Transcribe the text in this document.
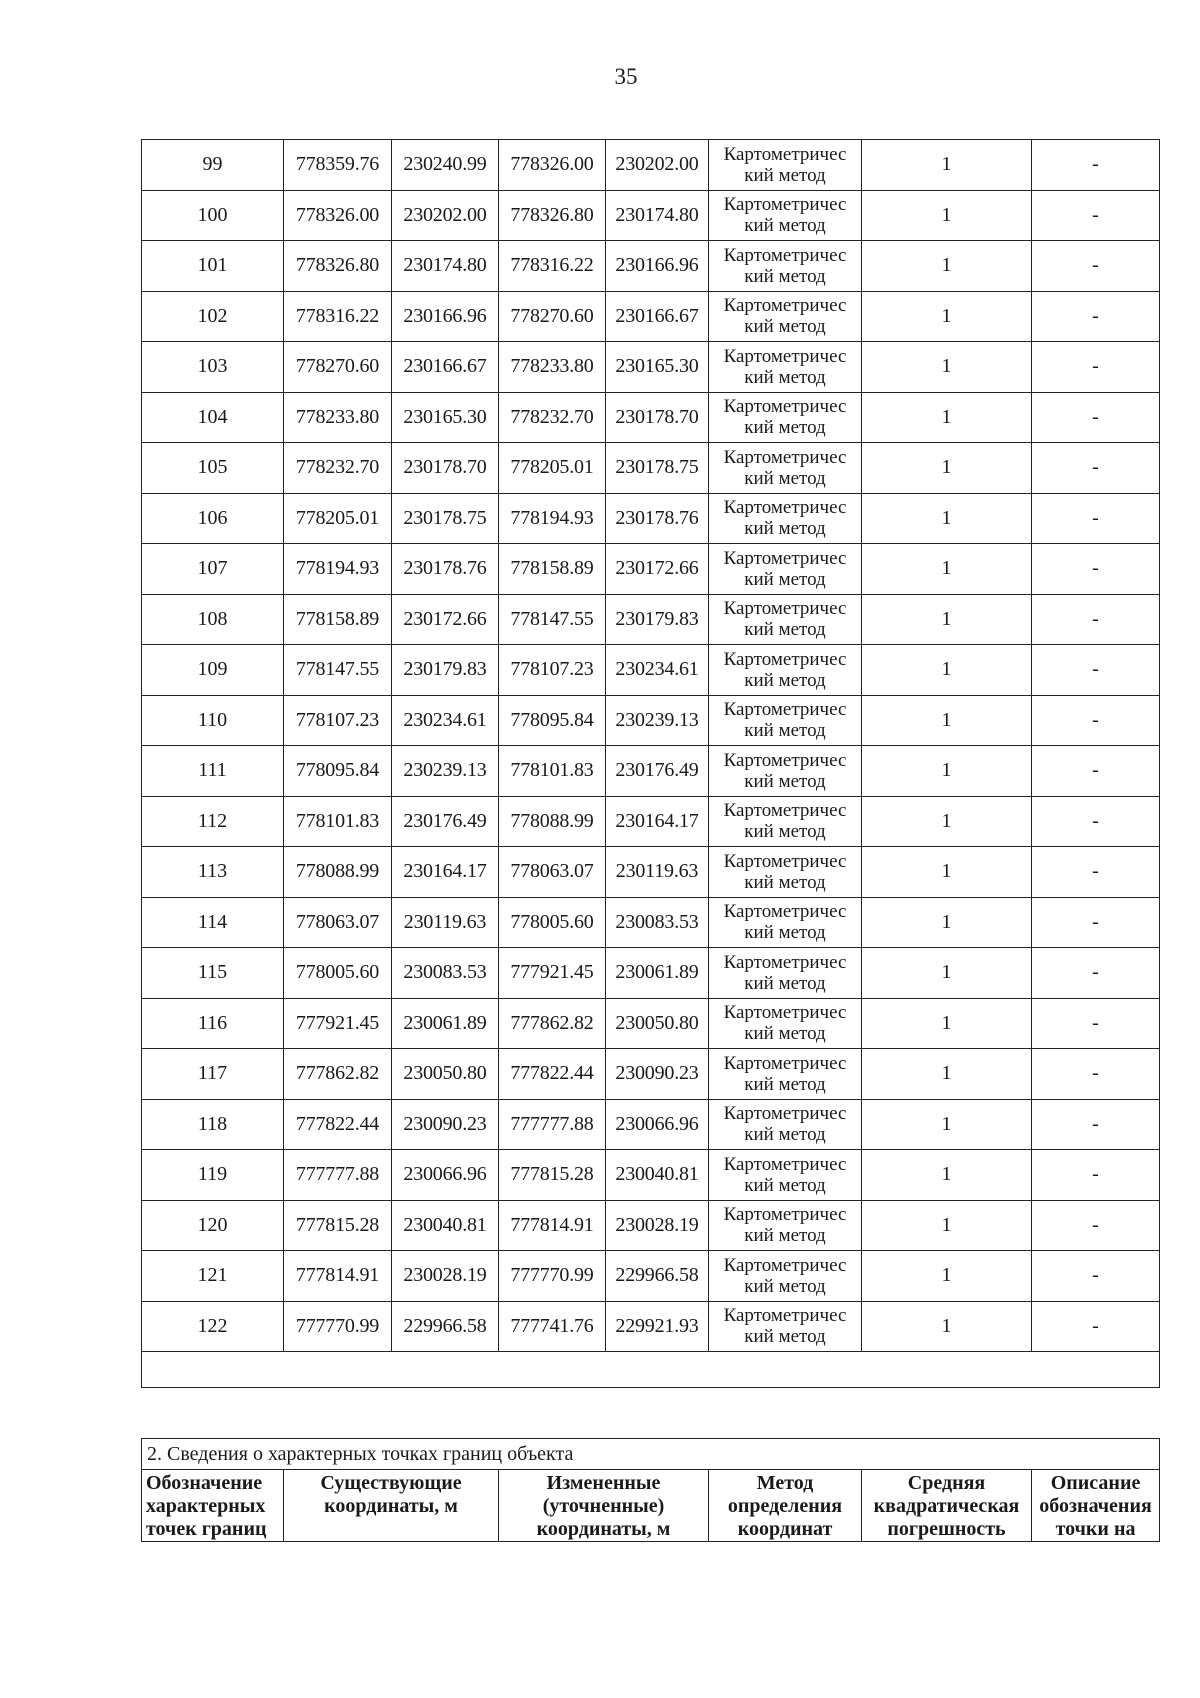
35
99	778359.76	230240.99	778326.00	230202.00	Картометричес
кий метод	1	-
100	778326.00	230202.00	778326.80	230174.80	Картометричес
кий метод	1	-
101	778326.80	230174.80	778316.22	230166.96	Картометричес
кий метод	1	-
102	778316.22	230166.96	778270.60	230166.67	Картометричес
кий метод	1	-
103	778270.60	230166.67	778233.80	230165.30	Картометричес
кий метод	1	-
104	778233.80	230165.30	778232.70	230178.70	Картометричес
кий метод	1	-
105	778232.70	230178.70	778205.01	230178.75	Картометричес
кий метод	1	-
106	778205.01	230178.75	778194.93	230178.76	Картометричес
кий метод	1	-
107	778194.93	230178.76	778158.89	230172.66	Картометричес
кий метод	1	-
108	778158.89	230172.66	778147.55	230179.83	Картометричес
кий метод	1	-
109	778147.55	230179.83	778107.23	230234.61	Картометричес
кий метод	1	-
110	778107.23	230234.61	778095.84	230239.13	Картометричес
кий метод	1	-
111	778095.84	230239.13	778101.83	230176.49	Картометричес
кий метод	1	-
112	778101.83	230176.49	778088.99	230164.17	Картометричес
кий метод	1	-
113	778088.99	230164.17	778063.07	230119.63	Картометричес
кий метод	1	-
114	778063.07	230119.63	778005.60	230083.53	Картометричес
кий метод	1	-
115	778005.60	230083.53	777921.45	230061.89	Картометричес
кий метод	1	-
116	777921.45	230061.89	777862.82	230050.80	Картометричес
кий метод	1	-
117	777862.82	230050.80	777822.44	230090.23	Картометричес
кий метод	1	-
118	777822.44	230090.23	777777.88	230066.96	Картометричес
кий метод	1	-
119	777777.88	230066.96	777815.28	230040.81	Картометричес
кий метод	1	-
120	777815.28	230040.81	777814.91	230028.19	Картометричес
кий метод	1	-
121	777814.91	230028.19	777770.99	229966.58	Картометричес
кий метод	1	-
122	777770.99	229966.58	777741.76	229921.93	Картометричес
кий метод	1	-

2. Сведения о характерных точках границ объекта

Обозначение
характерных
точек границ

Существующие
координаты, м

Измененные
(уточненные)
координаты, м

Метод
определения
координат

Средняя
квадратическая
погрешность

Описание
обозначения
точки на
